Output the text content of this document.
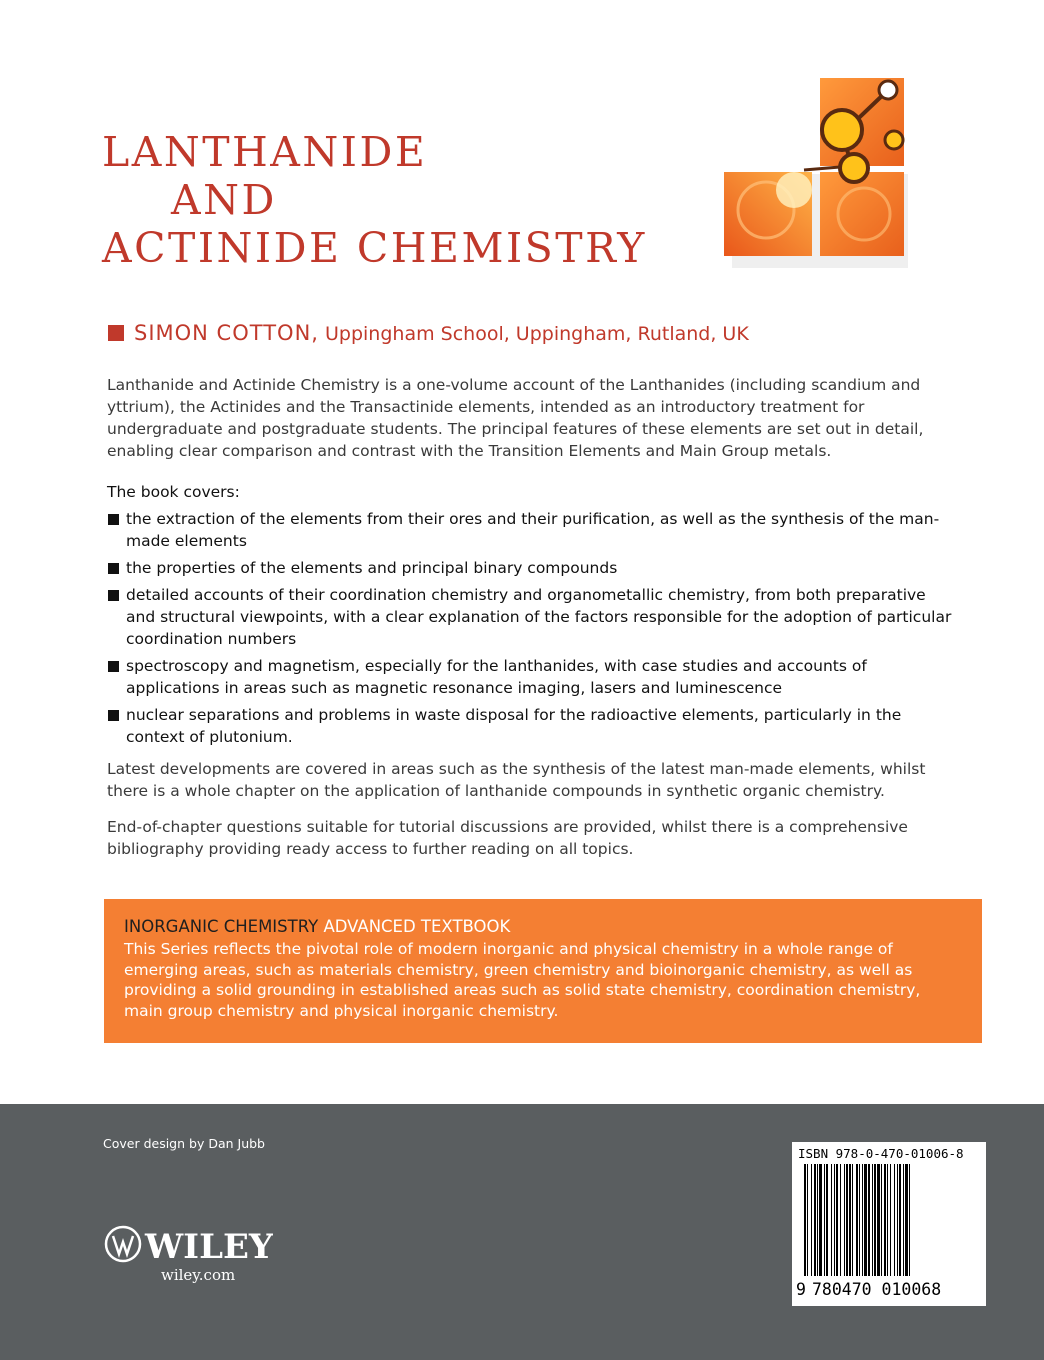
LANTHANIDE
AND
ACTINIDE CHEMISTRY
SIMON COTTON, Uppingham School, Uppingham, Rutland, UK

Lanthanide and Actinide Chemistry is a one-volume account of the Lanthanides (including scandium and yttrium), the Actinides and the Transactinide elements, intended as an introductory treatment for undergraduate and postgraduate students. The principal features of these elements are set out in detail, enabling clear comparison and contrast with the Transition Elements and Main Group metals.

The book covers:

the extraction of the elements from their ores and their purification, as well as the synthesis of the man-made elements
the properties of the elements and principal binary compounds
detailed accounts of their coordination chemistry and organometallic chemistry, from both preparative and structural viewpoints, with a clear explanation of the factors responsible for the adoption of particular coordination numbers
spectroscopy and magnetism, especially for the lanthanides, with case studies and accounts of applications in areas such as magnetic resonance imaging, lasers and luminescence
nuclear separations and problems in waste disposal for the radioactive elements, particularly in the context of plutonium.

Latest developments are covered in areas such as the synthesis of the latest man-made elements, whilst there is a whole chapter on the application of lanthanide compounds in synthetic organic chemistry.

End-of-chapter questions suitable for tutorial discussions are provided, whilst there is a comprehensive bibliography providing ready access to further reading on all topics.

INORGANIC CHEMISTRY ADVANCED TEXTBOOK

This Series reflects the pivotal role of modern inorganic and physical chemistry in a whole range of emerging areas, such as materials chemistry, green chemistry and bioinorganic chemistry, as well as providing a solid grounding in established areas such as solid state chemistry, coordination chemistry, main group chemistry and physical inorganic chemistry.

Cover design by Dan Jubb
WILEY
wiley.com
ISBN 978-0-470-01006-8
9 780470 010068
